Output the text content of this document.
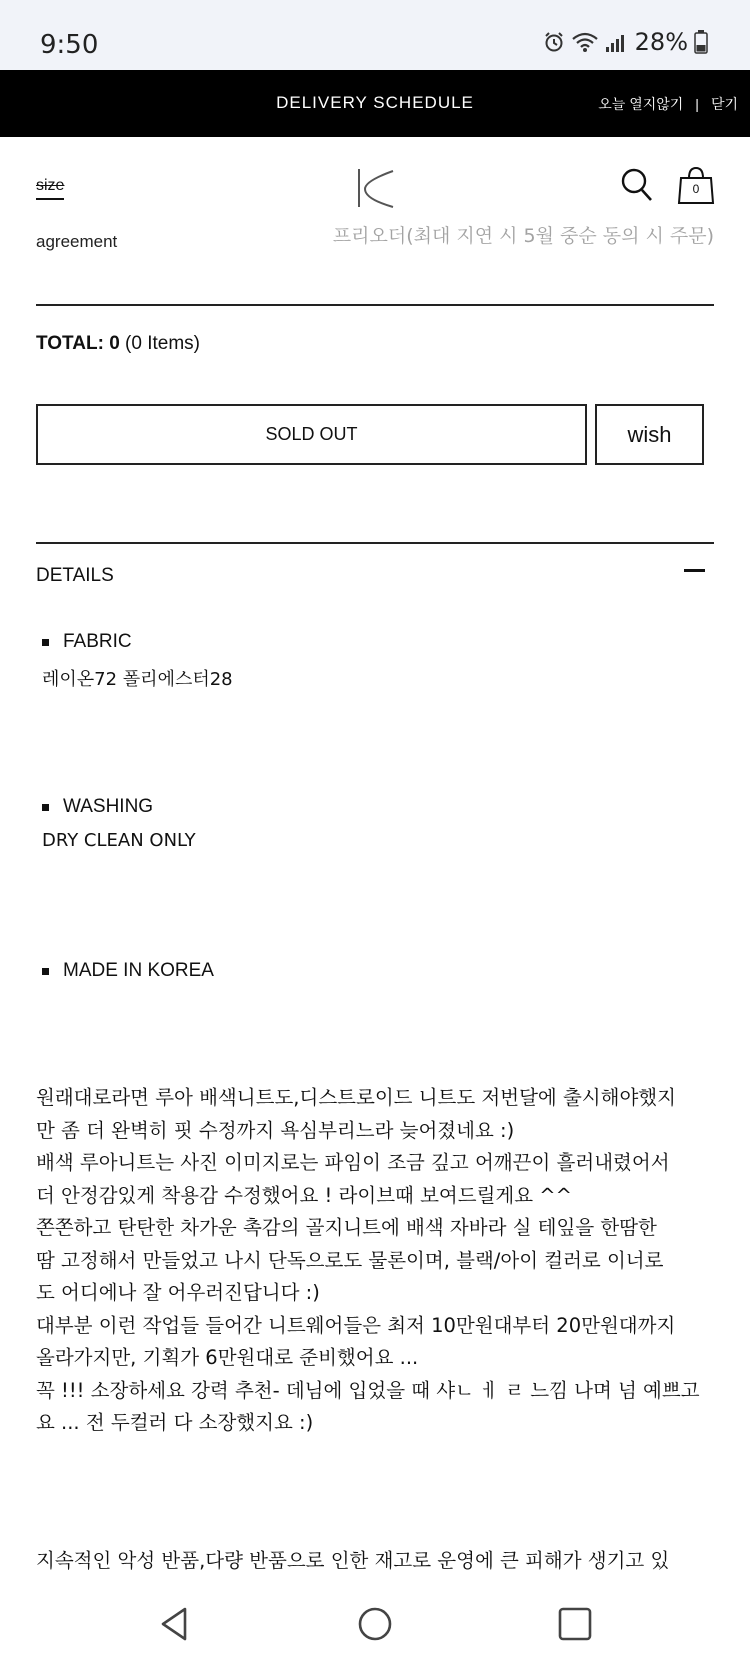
9:50	28%
DELIVERY SCHEDULE	오늘 열지않기 | 닫기
size
agreement	프리오더(최대 지연 시 5월 중순 동의 시 주문)
0
TOTAL: 0 (0 Items)
SOLD OUT	wish
DETAILS
FABRIC
레이온72 폴리에스터28
WASHING
DRY CLEAN ONLY
MADE IN KOREA

원래대로라면 루아 배색니트도,디스트로이드 니트도 저번달에 출시해야했지

만 좀 더 완벽히 핏 수정까지 욕심부리느라 늦어졌네요 :)

배색 루아니트는 사진 이미지로는 파임이 조금 깊고 어깨끈이 흘러내렸어서

더 안정감있게 착용감 수정했어요 ! 라이브때 보여드릴게요 ^^

쫀쫀하고 탄탄한 차가운 촉감의 골지니트에 배색 자바라 실 테잎을 한땀한

땀 고정해서 만들었고 나시 단독으로도 물론이며, 블랙/아이 컬러로 이너로

도 어디에나 잘 어우러진답니다 :)

대부분 이런 작업들 들어간 니트웨어들은 최저 10만원대부터 20만원대까지

올라가지만, 기획가 6만원대로 준비했어요 ...

꼭 !!! 소장하세요 강력 추천- 데님에 입었을 때 샤ㄴ ㅔ ㄹ 느낌 나며 넘 예쁘고

요 ... 전 두컬러 다 소장했지요 :)

지속적인 악성 반품,다량 반품으로 인한 재고로 운영에 큰 피해가 생기고 있
